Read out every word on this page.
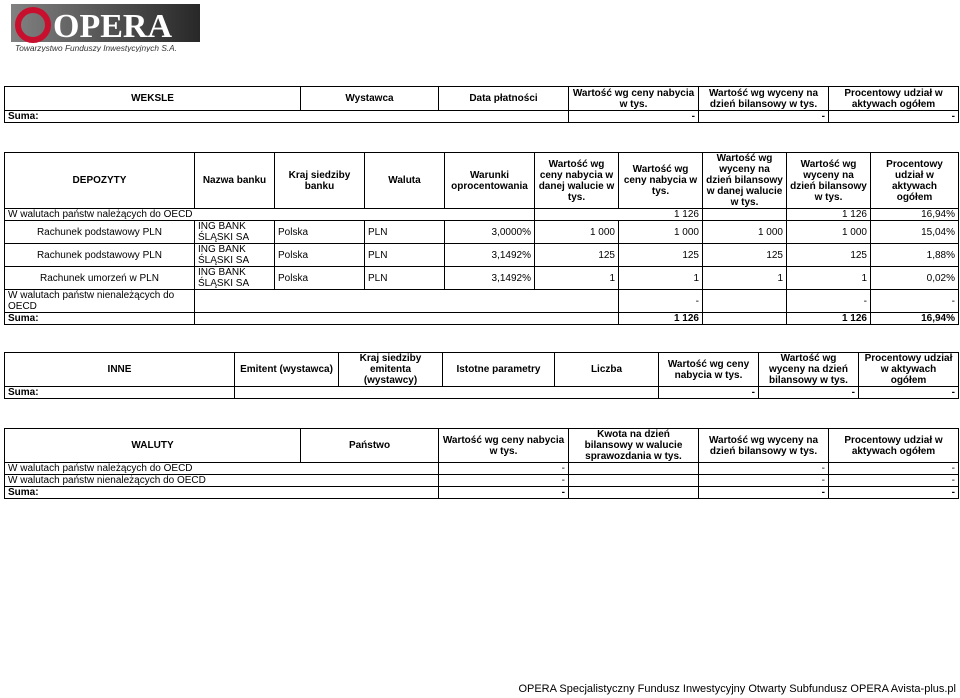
OPERA
Towarzystwo Funduszy Inwestycyjnych S.A.
WEKSLE	Wystawca	Data płatności	Wartość wg ceny nabycia w tys.	Wartość wg wyceny na dzień bilansowy w tys.	Procentowy udział w aktywach ogółem
Suma:			-	-	-
DEPOZYTY	Nazwa banku	Kraj siedziby banku	Waluta	Warunki oprocentowania	Wartość wg ceny nabycia w danej walucie w tys.	Wartość wg ceny nabycia w tys.	Wartość wg wyceny na dzień bilansowy w danej walucie w tys.	Wartość wg wyceny na dzień bilansowy w tys.	Procentowy udział w aktywach ogółem
W walutach państw należących do OECD						1 126		1 126	16,94%
Rachunek podstawowy PLN	ING BANK ŚLĄSKI SA	Polska	PLN	3,0000%	1 000	1 000	1 000	1 000	15,04%
Rachunek podstawowy PLN	ING BANK ŚLĄSKI SA	Polska	PLN	3,1492%	125	125	125	125	1,88%
Rachunek umorzeń w PLN	ING BANK ŚLĄSKI SA	Polska	PLN	3,1492%	1	1	1	1	0,02%
W walutach państw nienależących do OECD						-		-	-
Suma:						1 126		1 126	16,94%
INNE	Emitent (wystawca)	Kraj siedziby emitenta (wystawcy)	Istotne parametry	Liczba	Wartość wg ceny nabycia w tys.	Wartość wg wyceny na dzień bilansowy w tys.	Procentowy udział w aktywach ogółem
Suma:					-	-	-
WALUTY	Państwo	Wartość wg ceny nabycia w tys.	Kwota na dzień bilansowy w walucie sprawozdania w tys.	Wartość wg wyceny na dzień bilansowy w tys.	Procentowy udział w aktywach ogółem
W walutach państw należących do OECD		-		-	-
W walutach państw nienależących do OECD		-		-	-
Suma:		-		-	-
OPERA Specjalistyczny Fundusz Inwestycyjny Otwarty Subfundusz OPERA Avista-plus.pl
